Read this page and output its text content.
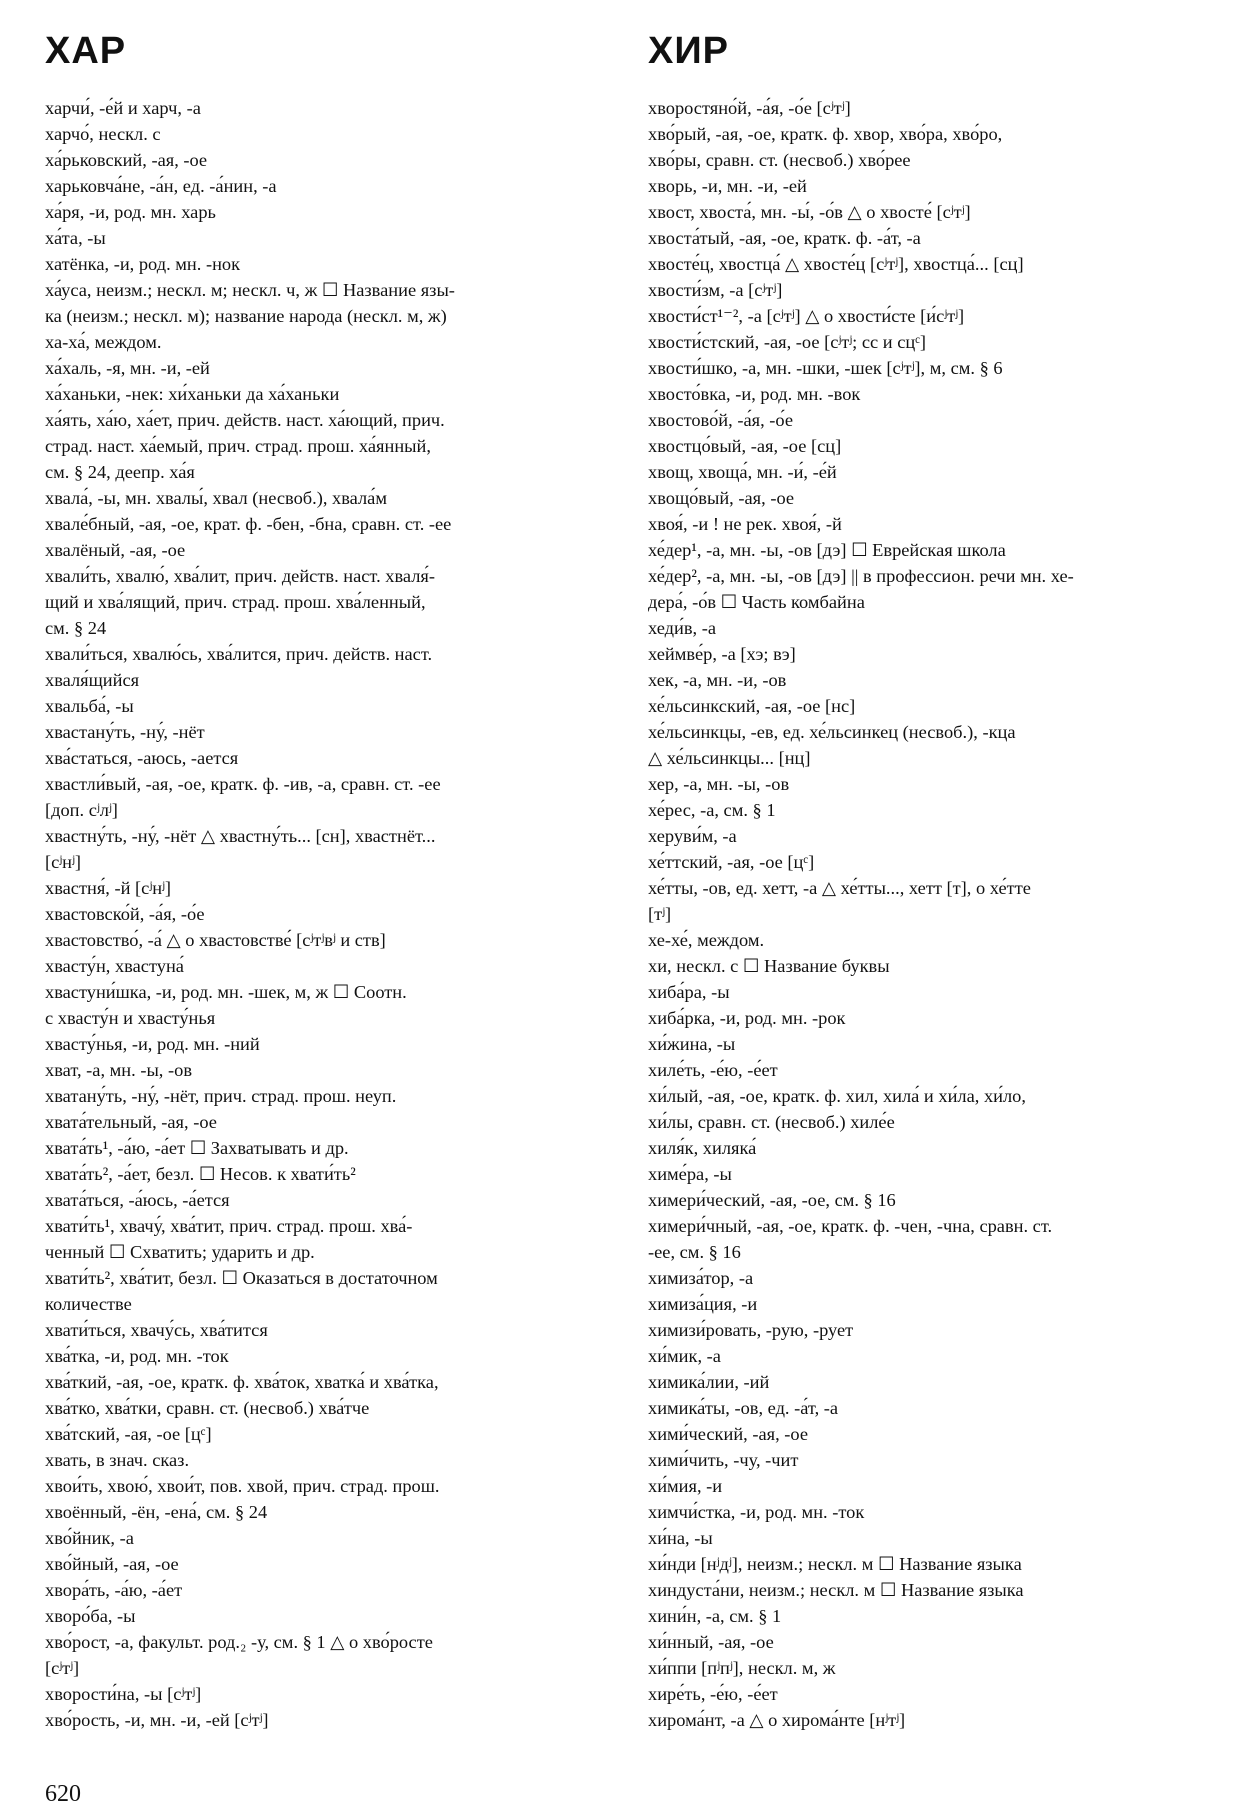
ХАР	ХИР
харчи́, -е́й и харч, -а
харчо́, нескл. с
ха́рьковский, -ая, -ое
харьковча́не, -а́н, ед. -а́нин, -а
ха́ря, -и, род. мн. харь
ха́та, -ы
хатёнка, -и, род. мн. -нок
ха́уса, неизм.; нескл. м; нескл. ч, ж ☐ Название язы-
ка (неизм.; нескл. м); название народа (нескл. м, ж)
ха-ха́, междом.
ха́халь, -я, мн. -и, -ей
ха́ханьки, -нек: хи́ханьки да ха́ханьки
ха́ять, ха́ю, ха́ет, прич. действ. наст. ха́ющий, прич.
страд. наст. ха́емый, прич. страд. прош. ха́янный,
см. § 24, деепр. ха́я
хвала́, -ы, мн. хвалы́, хвал (несвоб.), хвала́м
хвале́бный, -ая, -ое, крат. ф. -бен, -бна, сравн. ст. -ее
хвалёный, -ая, -ое
хвали́ть, хвалю́, хва́лит, прич. действ. наст. хваля́-
щий и хва́лящий, прич. страд. прош. хва́ленный,
см. § 24
хвали́ться, хвалю́сь, хва́лится, прич. действ. наст.
хваля́щийся
хвальба́, -ы
хвастану́ть, -ну́, -нёт
хва́статься, -аюсь, -ается
хвастли́вый, -ая, -ое, кратк. ф. -ив, -а, сравн. ст. -ее
[доп. сʲлʲ]
хвастну́ть, -ну́, -нёт △ хвастну́ть... [сн], хвастнёт...
[сʲнʲ]
хвастня́, -й [сʲнʲ]
хвастовско́й, -а́я, -о́е
хвастовство́, -а́ △ о хвастовстве́ [сʲтʲвʲ и ств]
хвасту́н, хвастуна́
хвастуни́шка, -и, род. мн. -шек, м, ж ☐ Соотн.
с хвасту́н и хвасту́нья
хвасту́нья, -и, род. мн. -ний
хват, -а, мн. -ы, -ов
хватану́ть, -ну́, -нёт, прич. страд. прош. неуп.
хвата́тельный, -ая, -ое
хвата́ть¹, -а́ю, -а́ет ☐ Захватывать и др.
хвата́ть², -а́ет, безл. ☐ Несов. к хвати́ть²
хвата́ться, -а́юсь, -а́ется
хвати́ть¹, хвачу́, хва́тит, прич. страд. прош. хва́-
ченный ☐ Схватить; ударить и др.
хвати́ть², хва́тит, безл. ☐ Оказаться в достаточном
количестве
хвати́ться, хвачу́сь, хва́тится
хва́тка, -и, род. мн. -ток
хва́ткий, -ая, -ое, кратк. ф. хва́ток, хватка́ и хва́тка,
хва́тко, хва́тки, сравн. ст. (несвоб.) хва́тче
хва́тский, -ая, -ое [цᶜ]
хвать, в знач. сказ.
хвои́ть, хвою́, хвои́т, пов. хвой, прич. страд. прош.
хвоённый, -ён, -ена́, см. § 24
хво́йник, -а
хво́йный, -ая, -ое
хвора́ть, -а́ю, -а́ет
хворо́ба, -ы
хво́рост, -а, факульт. род.₂ -у, см. § 1 △ о хво́росте
[сʲтʲ]
хворости́на, -ы [сʲтʲ]
хво́рость, -и, мн. -и, -ей [сʲтʲ]
хворостяно́й, -а́я, -о́е [сʲтʲ]
хво́рый, -ая, -ое, кратк. ф. хвор, хво́ра, хво́ро,
хво́ры, сравн. ст. (несвоб.) хво́рее
хворь, -и, мн. -и, -ей
хвост, хвоста́, мн. -ы́, -о́в △ о хвосте́ [сʲтʲ]
хвоста́тый, -ая, -ое, кратк. ф. -а́т, -а
хвосте́ц, хвостца́ △ хвосте́ц [сʲтʲ], хвостца́... [сц]
хвости́зм, -а [сʲтʲ]
хвости́ст¹⁻², -а [сʲтʲ] △ о хвости́сте [и́сʲтʲ]
хвости́стский, -ая, -ое [сʲтʲ; сс и сцᶜ]
хвости́шко, -а, мн. -шки, -шек [сʲтʲ], м, см. § 6
хвосто́вка, -и, род. мн. -вок
хвостово́й, -а́я, -о́е
хвостцо́вый, -ая, -ое [сц]
хвощ, хвоща́, мн. -и́, -е́й
хвощо́вый, -ая, -ое
хвоя́, -и ! не рек. хвоя́, -й
хе́дер¹, -а, мн. -ы, -ов [дэ] ☐ Еврейская школа
хе́дер², -а, мн. -ы, -ов [дэ] || в профессион. речи мн. хе-
дера́, -о́в ☐ Часть комбайна
хеди́в, -а
хеймве́р, -а [хэ; вэ]
хек, -а, мн. -и, -ов
хе́льсинкский, -ая, -ое [нс]
хе́льсинкцы, -ев, ед. хе́льсинкец (несвоб.), -кца
△ хе́льсинкцы... [нц]
хер, -а, мн. -ы, -ов
хе́рес, -а, см. § 1
херуви́м, -а
хе́ттский, -ая, -ое [цᶜ]
хе́тты, -ов, ед. хетт, -а △ хе́тты..., хетт [т], о хе́тте
[тʲ]
хе-хе́, междом.
хи, нескл. с ☐ Название буквы
хиба́ра, -ы
хиба́рка, -и, род. мн. -рок
хи́жина, -ы
хиле́ть, -е́ю, -е́ет
хи́лый, -ая, -ое, кратк. ф. хил, хила́ и хи́ла, хи́ло,
хи́лы, сравн. ст. (несвоб.) хиле́е
хиля́к, хиляка́
химе́ра, -ы
химери́ческий, -ая, -ое, см. § 16
химери́чный, -ая, -ое, кратк. ф. -чен, -чна, сравн. ст.
-ее, см. § 16
химиза́тор, -а
химиза́ция, -и
химизи́ровать, -рую, -рует
хи́мик, -а
химика́лии, -ий
химика́ты, -ов, ед. -а́т, -а
хими́ческий, -ая, -ое
хими́чить, -чу, -чит
хи́мия, -и
химчи́стка, -и, род. мн. -ток
хи́на, -ы
хи́нди [нʲдʲ], неизм.; нескл. м ☐ Название языка
хиндуста́ни, неизм.; нескл. м ☐ Название языка
хини́н, -а, см. § 1
хи́нный, -ая, -ое
хи́ппи [пʲпʲ], нескл. м, ж
хире́ть, -е́ю, -е́ет
хирома́нт, -а △ о хирома́нте [нʲтʲ]
620
